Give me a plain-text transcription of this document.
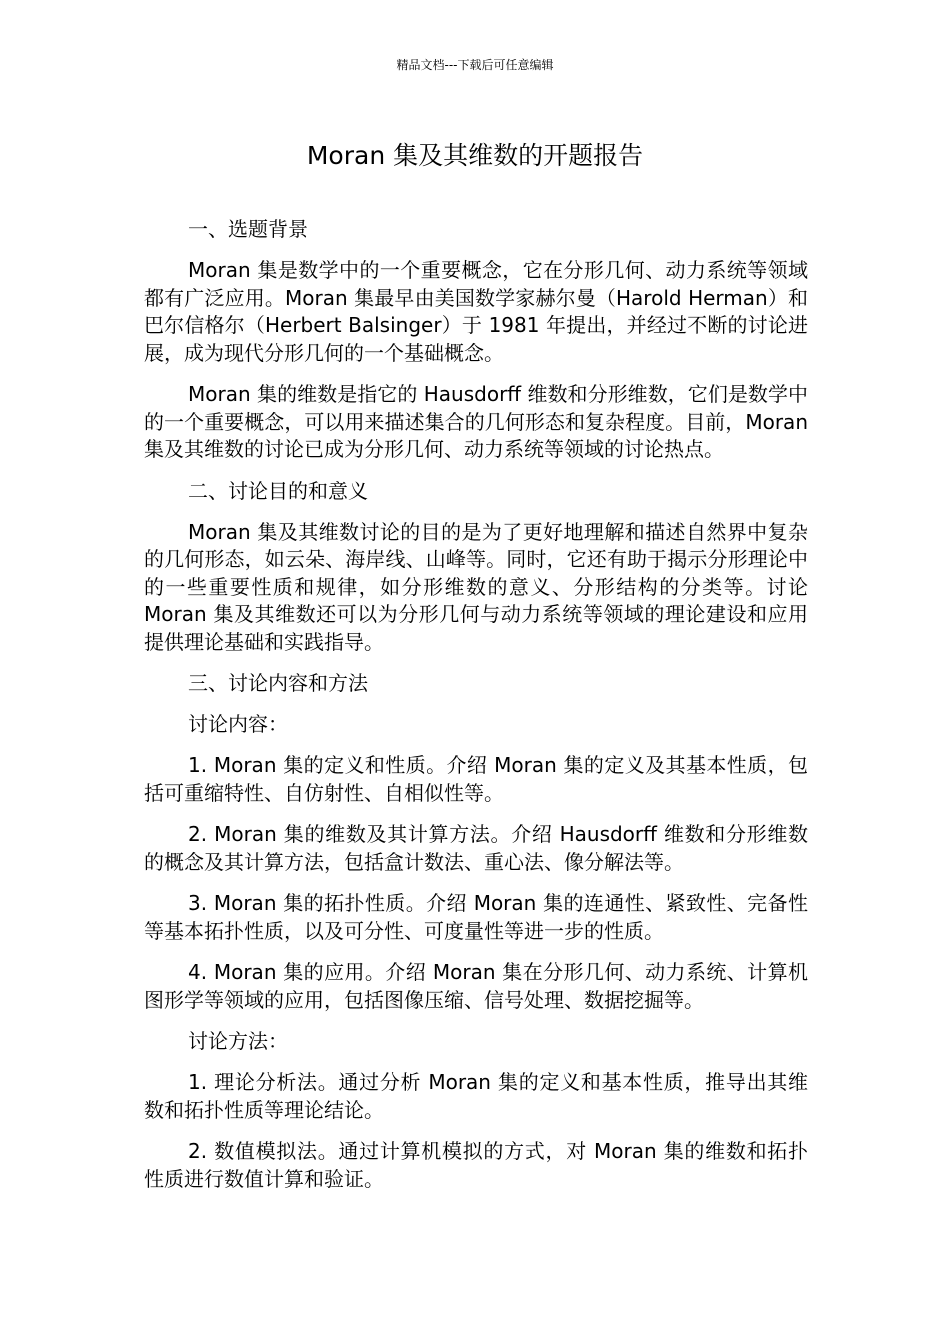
精品文档---下载后可任意编辑
Moran 集及其维数的开题报告

一、选题背景

Moran 集是数学中的一个重要概念，它在分形几何、动力系统等领域都有广泛应用。Moran 集最早由美国数学家赫尔曼（Harold Herman）和巴尔信格尔（Herbert Balsinger）于 1981 年提出，并经过不断的讨论进展，成为现代分形几何的一个基础概念。

Moran 集的维数是指它的 Hausdorff 维数和分形维数，它们是数学中的一个重要概念，可以用来描述集合的几何形态和复杂程度。目前，Moran 集及其维数的讨论已成为分形几何、动力系统等领域的讨论热点。

二、讨论目的和意义

Moran 集及其维数讨论的目的是为了更好地理解和描述自然界中复杂的几何形态，如云朵、海岸线、山峰等。同时，它还有助于揭示分形理论中的一些重要性质和规律，如分形维数的意义、分形结构的分类等。讨论 Moran 集及其维数还可以为分形几何与动力系统等领域的理论建设和应用提供理论基础和实践指导。

三、讨论内容和方法

讨论内容：

1. Moran 集的定义和性质。介绍 Moran 集的定义及其基本性质，包括可重缩特性、自仿射性、自相似性等。

2. Moran 集的维数及其计算方法。介绍 Hausdorff 维数和分形维数的概念及其计算方法，包括盒计数法、重心法、像分解法等。

3. Moran 集的拓扑性质。介绍 Moran 集的连通性、紧致性、完备性等基本拓扑性质，以及可分性、可度量性等进一步的性质。

4. Moran 集的应用。介绍 Moran 集在分形几何、动力系统、计算机图形学等领域的应用，包括图像压缩、信号处理、数据挖掘等。

讨论方法：

1. 理论分析法。通过分析 Moran 集的定义和基本性质，推导出其维数和拓扑性质等理论结论。

2. 数值模拟法。通过计算机模拟的方式，对 Moran 集的维数和拓扑性质进行数值计算和验证。
